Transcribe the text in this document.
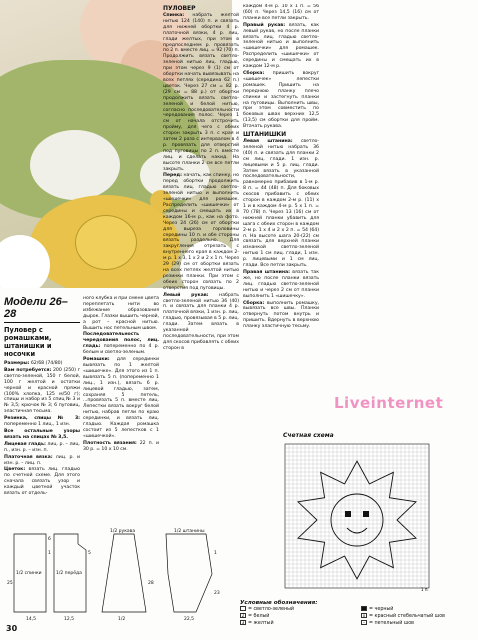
Модели 26–28
Пуловер с ромашками, штанишки и носочки

Размеры: 62/68 (74/80)

Вам потребуется: 200 (250) г светло-зеленой, 150 г белой, 100 г желтой и остатки черной и красной пряжи (100% хлопка, 125 м/50 г); спицы и набор из 5 спиц № 3 и № 3,5; крючок № 3; 6 пуговиц, эластичная тесьма.

Резинка, спицы № 3: попеременно 1 лиц., 1 изн.

Все остальные узоры вязать на спицах № 3,5.

Лицевая гладь: лиц. р. – лиц. п., изн. р. – изн. п.

Платочная вязка: лиц. р. и изн. р. – лиц. п.

Цветок: вязать лиц. гладью по счетной схеме. Для этого сначала связать узор и каждый цветной участок вязать от отдель-

ного клубка и при смене цвета переплетать нити во избежание образования дырок. Глазки вышить черной, а рот – красной нитью. Вышить нос петельным швом.

Последовательность чередования полос, лиц. гладь: попеременно по 4 р. белым и светло-зеленым.

Ромашки: для серединки вывязать по 1 желтой «шишечке». Для этого из 1 п. вывязать 5 п. (попеременно 1 лиц., 1 изн.), вязать 6 р. лицевой гладью, затем, сохраняя 5 петель, ...провязать 5 п. вместе лиц. Лепестки вязать вокруг белой нитью, набрав петли по краю серединки, и вязать лиц. гладью. Каждая ромашка состоит из 5 лепестков с 1 «шишечкой».

Плотность вязания: 22 п. и 30 р. = 10 х 10 см.

ПУЛОВЕР

Спинка: набрать желтой нитью 124 (140) п. и связать для нижней обортки 4 р. платочной вязки, 4 р. лиц. глади желтых, при этом в предпоследнем р. провязать по 2 п. вместе лиц. = 92 (70) п. Продолжить вязать светло-зеленой нитью лиц. гладью, при этом через 9 (1) см от обортки начать вывязывать на всех петлях (середина 62 п.) цветок. Через 27 см = 82 р. (29 см = 88 р.) от обортки продолжить вязать светло-зеленой и белой нитью, согласно последовательности чередования полос. Через 1 см от начала отстрочить пройму, для чего с обеих сторон закрыть 3 п. с края и затем 2 раза с интервалом в 4 р. провязать для отверстий под пуговицы по 2 п. вместе лиц. и сделать накид. На высоте планки 2 см все петли закрыть.

Перед: начать, как спинку, но перед обортки продолжить вязать лиц. гладью светло-зеленой нитью и выполнить «шишечки» для ромашек. Распределить «шишечки» от середины и смещать их в каждом 16-м р., как на фото. Через 24 (26) см от обортки для выреза горловины середины 10 п. и обе стороны вязать раздельно. Для закругления отрезать с внутреннего края в каждом 2-м р. 1 х 3, 1 х 2 и 2 х 1 п. Через 29 (29) см от обортки вязать на всех петлях желтой нитью резинки планки. При этом с обеих сторон связать по 2 отверстия под пуговицы.

Левый рукав: набрать светло-зеленой нитью 36 (40) п. и связать для планки 4 р. платочной вязки, 1 изн. р. лиц. гладью, провязывая в 5 р. лиц. глади. Затем вязать в указанной последовательности, при этом для скосов прибавлять с обеих сторон в

каждом 4-м р. 10 х 1 п. = 56 (60) п. Через 14,5 (16) см от планки все петли закрыть.

Правый рукав: вязать, как левый рукав, но после планки вязать лиц. гладью светло-зеленой нитью и выполнить «шишечки» для ромашек. Распределить «шишечки» от середины и смещать их в каждом 12-м р.

Сборка: пришить вокруг «шишечек» лепестки ромашек. Пришить на переднюю планку плечо спинки и застегнуть планки на пуговицы. Выполнить швы, при этом совместить по боковых швах верхних 12,5 (13,5) см обортки для пройм. Втачать рукава.

ШТАНИШКИ

Левая штанина: светло-зеленой нитью набрать 36 (40) п. и связать для планки 2 см лиц. глади. 1 изн. р. лицевыми и 5 р. лиц. глади. Затем вязать в указанной последовательности, равномерно прибавив в 1-м р. 8 п. = 44 (48) п. Для боковых скосов прибавить с обеих сторон в каждом 2-м р. (11) х 1 и в каждом 4-м р. 5 х 1 п. = 70 (78) п. Через 13 (16) см от нижней планки убавить для шага с обеих сторон в каждом 2-м р. 1 х 4 и 2 х 2 п. = 54 (64) п. На высоте шага 20-(22) см связать для верхней планки изнанкой светло-зеленой нитью 1 см лиц. глади, 1 изн. р. лицевыми и 1 см лиц. глади. Все петли закрыть.

Правая штанина: вязать так же, но после планки вязать лиц. гладью светло-зеленой нитью и через 2 см от планки выполнить 1 «шишечку».

Сборка: выполнить ромашку, вывязать все швы. Планки отвернуть потом внутрь и пришить. Вдернуть в верхнюю планку эластичную тесьму.

Liveinternet
Счетная схема
1 п.
Условные обозначения:
= светло-зеленый	= черный
2 = белый	х = красный стебельчатый шов
3 = желтый	– = петельный шов
1/2 спинки	1/2 перёда
1/2 рукава	1/2 штанины
14,5
6
1	5
12,5
25	28
1/2
1
22,5
23
30
